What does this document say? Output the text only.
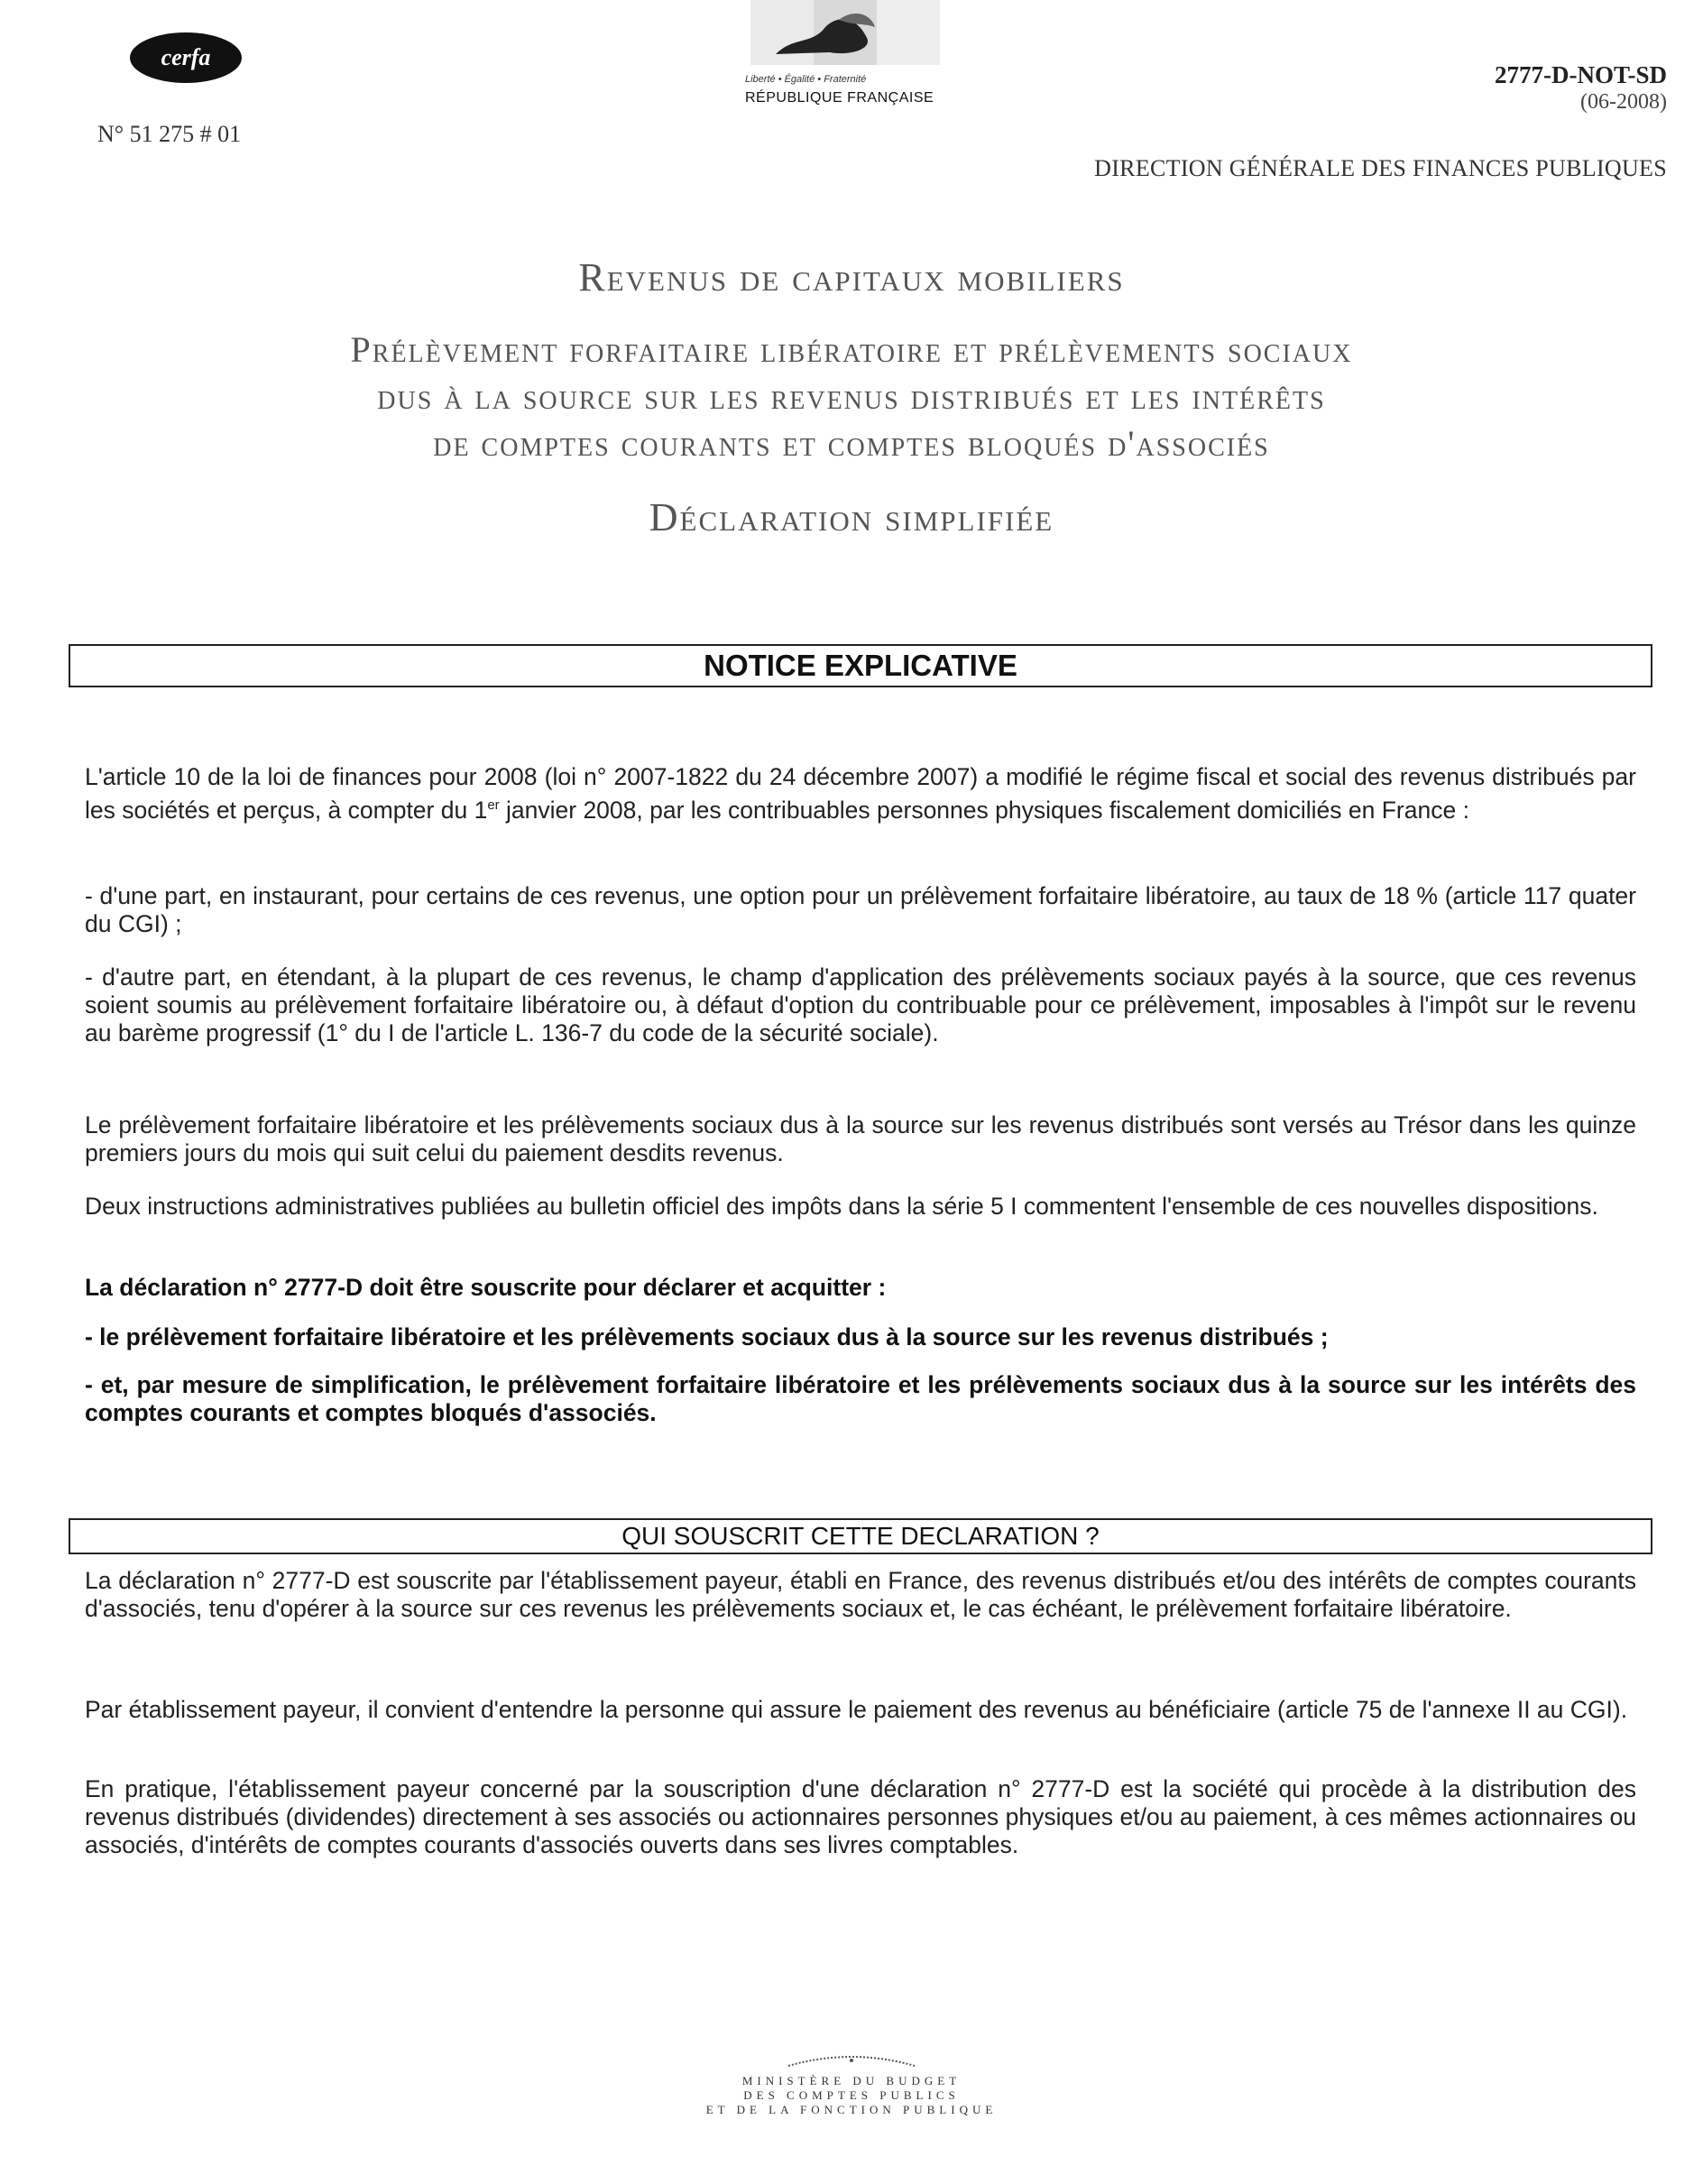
cerfa
N° 51 275 # 01
Liberté • Égalité • Fraternité
RÉPUBLIQUE FRANÇAISE
2777-D-NOT-SD
(06-2008)
DIRECTION GÉNÉRALE DES FINANCES PUBLIQUES
Revenus de capitaux mobiliers
Prélèvement forfaitaire libératoire et prélèvements sociaux
dus à la source sur les revenus distribués et les intérêts
de comptes courants et comptes bloqués d'associés
Déclaration simplifiée
NOTICE EXPLICATIVE
L'article 10 de la loi de finances pour 2008 (loi n° 2007-1822 du 24 décembre 2007) a modifié le régime fiscal et social des revenus distribués par les sociétés et perçus, à compter du 1er janvier 2008, par les contribuables personnes physiques fiscalement domiciliés en France :
- d'une part, en instaurant, pour certains de ces revenus, une option pour un prélèvement forfaitaire libératoire, au taux de 18 % (article 117 quater du CGI) ;
- d'autre part, en étendant, à la plupart de ces revenus, le champ d'application des prélèvements sociaux payés à la source, que ces revenus soient soumis au prélèvement forfaitaire libératoire ou, à défaut d'option du contribuable pour ce prélèvement, imposables à l'impôt sur le revenu au barème progressif (1° du I de l'article L. 136-7 du code de la sécurité sociale).
Le prélèvement forfaitaire libératoire et les prélèvements sociaux dus à la source sur les revenus distribués sont versés au Trésor dans les quinze premiers jours du mois qui suit celui du paiement desdits revenus.
Deux instructions administratives publiées au bulletin officiel des impôts dans la série 5 I commentent l'ensemble de ces nouvelles dispositions.
La déclaration n° 2777-D doit être souscrite pour déclarer et acquitter :
- le prélèvement forfaitaire libératoire et les prélèvements sociaux dus à la source sur les revenus distribués ;
- et, par mesure de simplification, le prélèvement forfaitaire libératoire et les prélèvements sociaux dus à la source sur les intérêts des comptes courants et comptes bloqués d'associés.
QUI SOUSCRIT CETTE DECLARATION ?
La déclaration n° 2777-D est souscrite par l'établissement payeur, établi en France, des revenus distribués et/ou des intérêts de comptes courants d'associés, tenu d'opérer à la source sur ces revenus les prélèvements sociaux et, le cas échéant, le prélèvement forfaitaire libératoire.
Par établissement payeur, il convient d'entendre la personne qui assure le paiement des revenus au bénéficiaire (article 75 de l'annexe II au CGI).
En pratique, l'établissement payeur concerné par la souscription d'une déclaration n° 2777-D est la société qui procède à la distribution des revenus distribués (dividendes) directement à ses associés ou actionnaires personnes physiques et/ou au paiement, à ces mêmes actionnaires ou associés, d'intérêts de comptes courants d'associés ouverts dans ses livres comptables.
MINISTÈRE DU BUDGET
DES COMPTES PUBLICS
ET DE LA FONCTION PUBLIQUE
